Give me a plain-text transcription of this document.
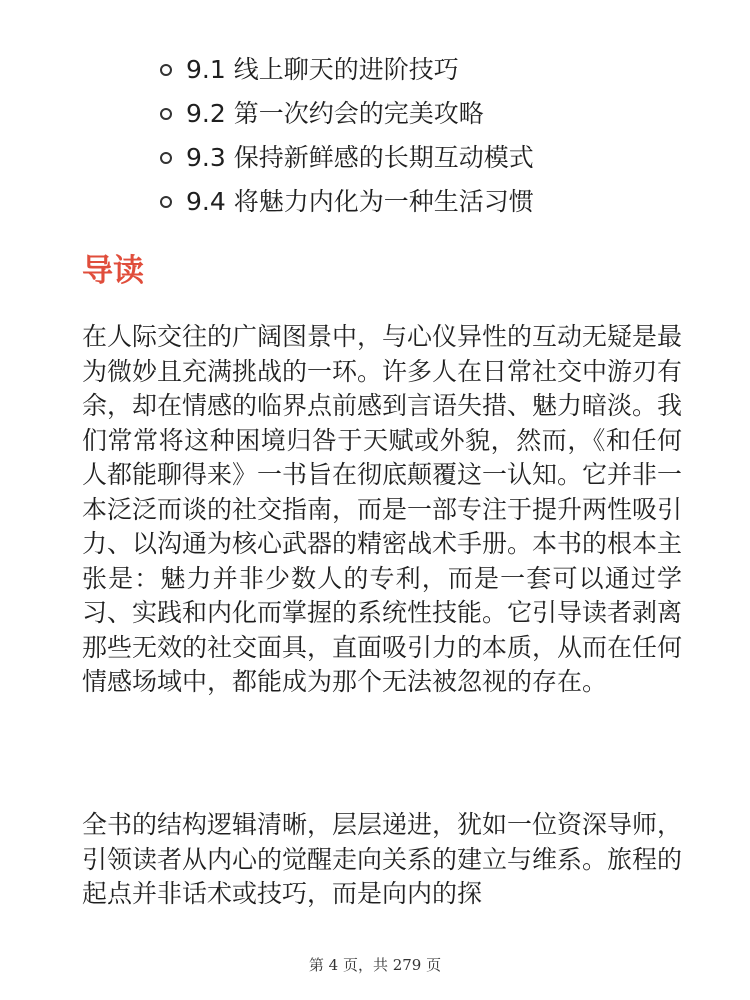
9.1 线上聊天的进阶技巧
9.2 第一次约会的完美攻略
9.3 保持新鲜感的长期互动模式
9.4 将魅力内化为一种生活习惯
导读

在人际交往的广阔图景中，与心仪异性的互动无疑是最为微妙且充满挑战的一环。许多人在日常社交中游刃有余，却在情感的临界点前感到言语失措、魅力暗淡。我们常常将这种困境归咎于天赋或外貌，然而，《和任何人都能聊得来》一书旨在彻底颠覆这一认知。它并非一本泛泛而谈的社交指南，而是一部专注于提升两性吸引力、以沟通为核心武器的精密战术手册。本书的根本主张是：魅力并非少数人的专利，而是一套可以通过学习、实践和内化而掌握的系统性技能。它引导读者剥离那些无效的社交面具，直面吸引力的本质，从而在任何情感场域中，都能成为那个无法被忽视的存在。

全书的结构逻辑清晰，层层递进，犹如一位资深导师，引领读者从内心的觉醒走向关系的建立与维系。旅程的起点并非话术或技巧，而是向内的探

第 4 页，共 279 页
